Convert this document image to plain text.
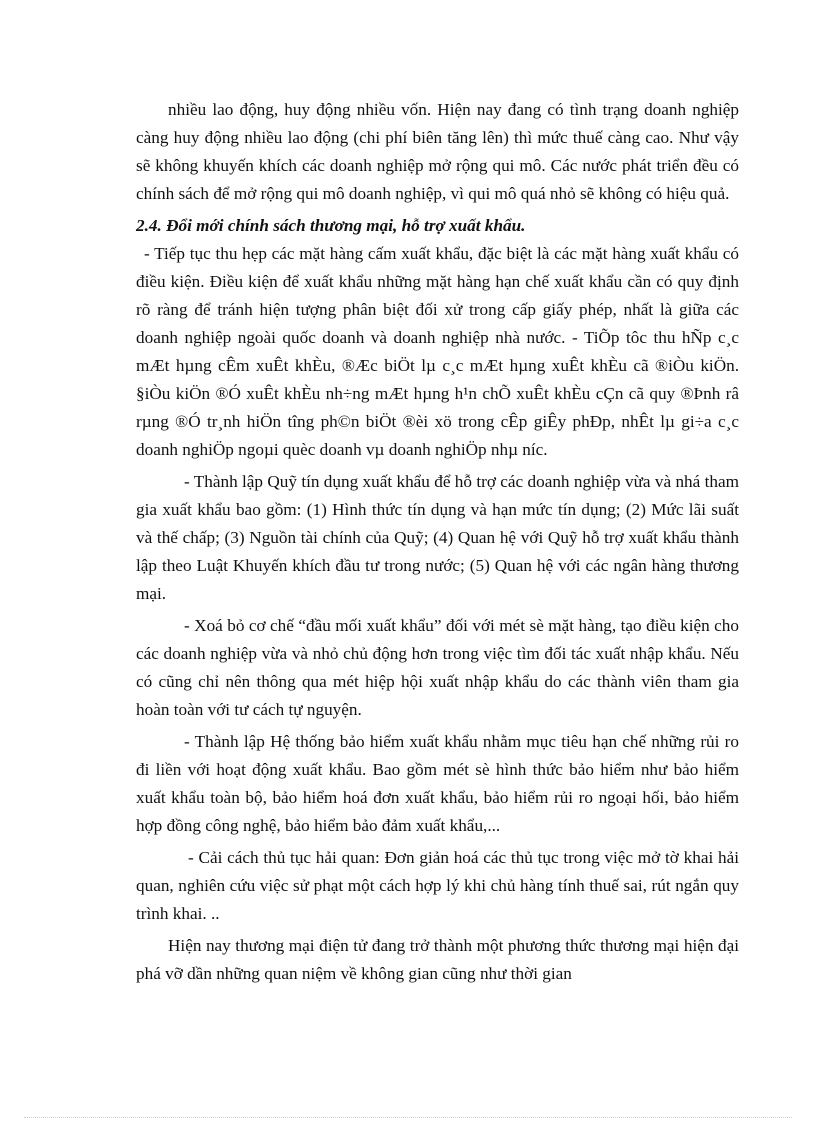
nhiều lao động, huy động nhiều vốn. Hiện nay đang có tình trạng doanh nghiệp càng huy động nhiều lao động (chi phí biên tăng lên) thì mức thuế càng cao. Như vậy sẽ không khuyến khích các doanh nghiệp mở rộng qui mô. Các nước phát triển đều có chính sách để mở rộng qui mô doanh nghiệp, vì qui mô quá nhỏ sẽ không có hiệu quả.

2.4. Đổi mới chính sách thương mại, hỗ trợ xuất khẩu.

- Tiếp tục thu hẹp các mặt hàng cấm xuất khẩu, đặc biệt là các mặt hàng xuất khẩu có điều kiện. Điều kiện để xuất khẩu những mặt hàng hạn chế xuất khẩu cần có quy định rõ ràng để tránh hiện tượng phân biệt đối xử trong cấp giấy phép, nhất là giữa các doanh nghiệp ngoài quốc doanh và doanh nghiệp nhà nước. - TiÕp tôc thu hÑp c¸c mÆt hµng cÊm xuÊt khÈu, ®Æc biÖt lµ c¸c mÆt hµng xuÊt khÈu cã ®iÒu kiÖn. §iÒu kiÖn ®Ó xuÊt khÈu nh÷ng mÆt hµng h¹n chÕ xuÊt khÈu cÇn cã quy ®Þnh râ rµng ®Ó tr¸nh hiÖn tîng ph©n biÖt ®èi xö trong cÊp giÊy phÐp, nhÊt lµ gi÷a c¸c doanh nghiÖp ngoµi quèc doanh vµ doanh nghiÖp nhµ níc.

- Thành lập Quỹ tín dụng xuất khẩu để hỗ trợ các doanh nghiệp vừa và nhá tham gia xuất khẩu bao gồm: (1) Hình thức tín dụng và hạn mức tín dụng; (2) Mức lãi suất và thế chấp; (3) Nguồn tài chính của Quỹ; (4) Quan hệ với Quỹ hỗ trợ xuất khẩu thành lập theo Luật Khuyến khích đầu tư trong nước; (5) Quan hệ với các ngân hàng thương mại.

- Xoá bỏ cơ chế “đầu mối xuất khẩu” đối với mét sè mặt hàng, tạo điều kiện cho các doanh nghiệp vừa và nhỏ chủ động hơn trong việc tìm đối tác xuất nhập khẩu. Nếu có cũng chỉ nên thông qua mét hiệp hội xuất nhập khẩu do các thành viên tham gia hoàn toàn với tư cách tự nguyện.

- Thành lập Hệ thống bảo hiểm xuất khẩu nhằm mục tiêu hạn chế những rủi ro đi liền với hoạt động xuất khẩu. Bao gồm mét sè hình thức bảo hiểm như bảo hiểm xuất khẩu toàn bộ, bảo hiểm hoá đơn xuất khẩu, bảo hiểm rủi ro ngoại hối, bảo hiểm hợp đồng công nghệ, bảo hiểm bảo đảm xuất khẩu,...

- Cải cách thủ tục hải quan: Đơn giản hoá các thủ tục trong việc mở tờ khai hải quan, nghiên cứu việc sử phạt một cách hợp lý khi chủ hàng tính thuế sai, rút ngắn quy trình khai. ..

Hiện nay thương mại điện tử đang trở thành một phương thức thương mại hiện đại phá vỡ dần những quan niệm về không gian cũng như thời gian
